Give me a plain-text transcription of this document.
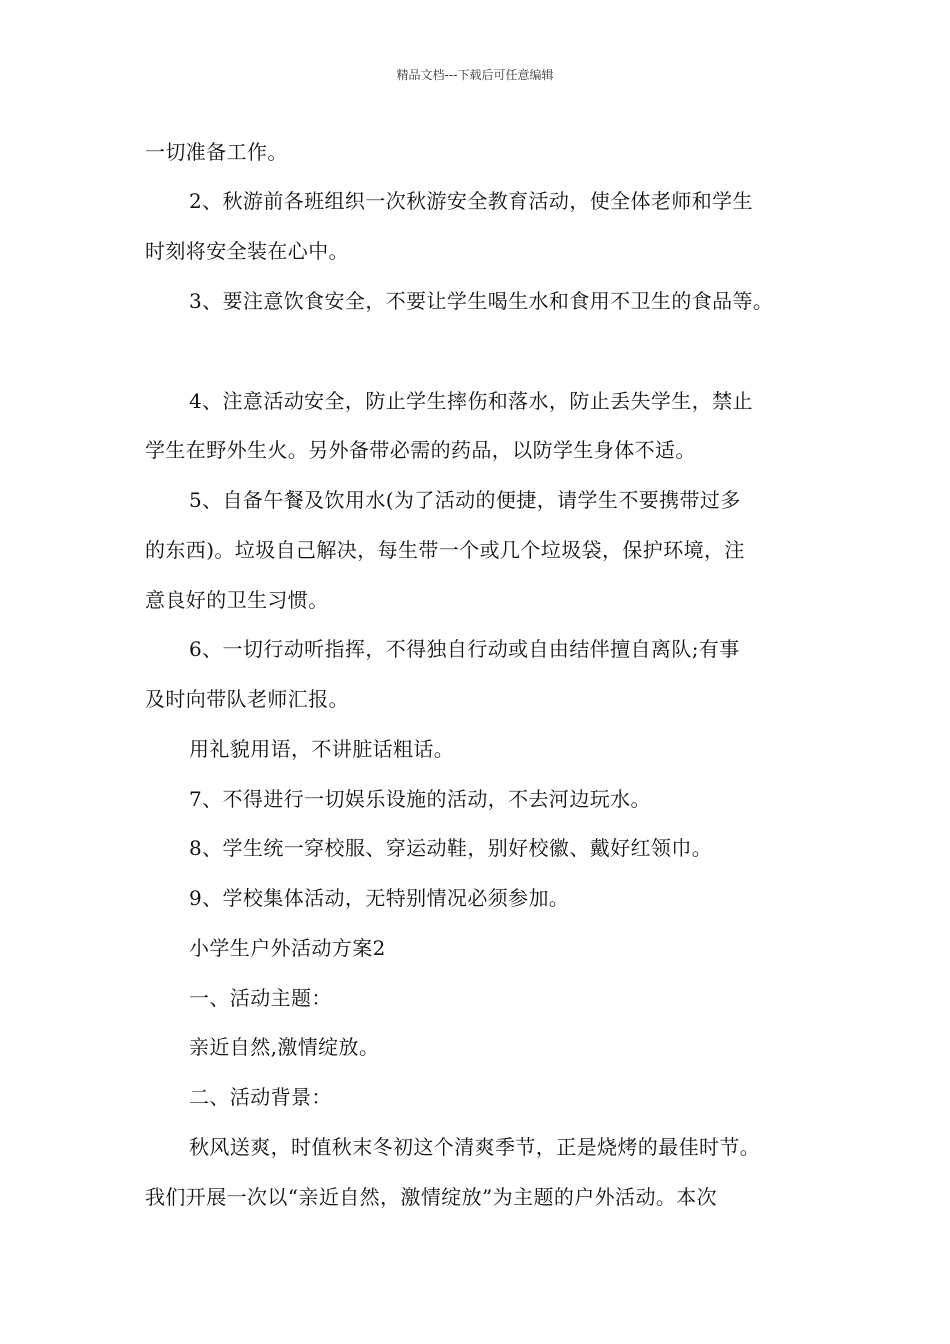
精品文档---下载后可任意编辑
一切准备工作。
2、秋游前各班组织一次秋游安全教育活动，使全体老师和学生
时刻将安全装在心中。
3、要注意饮食安全，不要让学生喝生水和食用不卫生的食品等。
4、注意活动安全，防止学生摔伤和落水，防止丢失学生，禁止
学生在野外生火。另外备带必需的药品，以防学生身体不适。
5、自备午餐及饮用水(为了活动的便捷，请学生不要携带过多
的东西)。垃圾自己解决，每生带一个或几个垃圾袋，保护环境，注
意良好的卫生习惯。
6、一切行动听指挥，不得独自行动或自由结伴擅自离队;有事
及时向带队老师汇报。
用礼貌用语，不讲脏话粗话。
7、不得进行一切娱乐设施的活动，不去河边玩水。
8、学生统一穿校服、穿运动鞋，别好校徽、戴好红领巾。
9、学校集体活动，无特别情况必须参加。
小学生户外活动方案2
一、活动主题：
亲近自然,激情绽放。
二、活动背景：
秋风送爽，时值秋末冬初这个清爽季节，正是烧烤的最佳时节。
我们开展一次以“亲近自然，激情绽放”为主题的户外活动。本次
